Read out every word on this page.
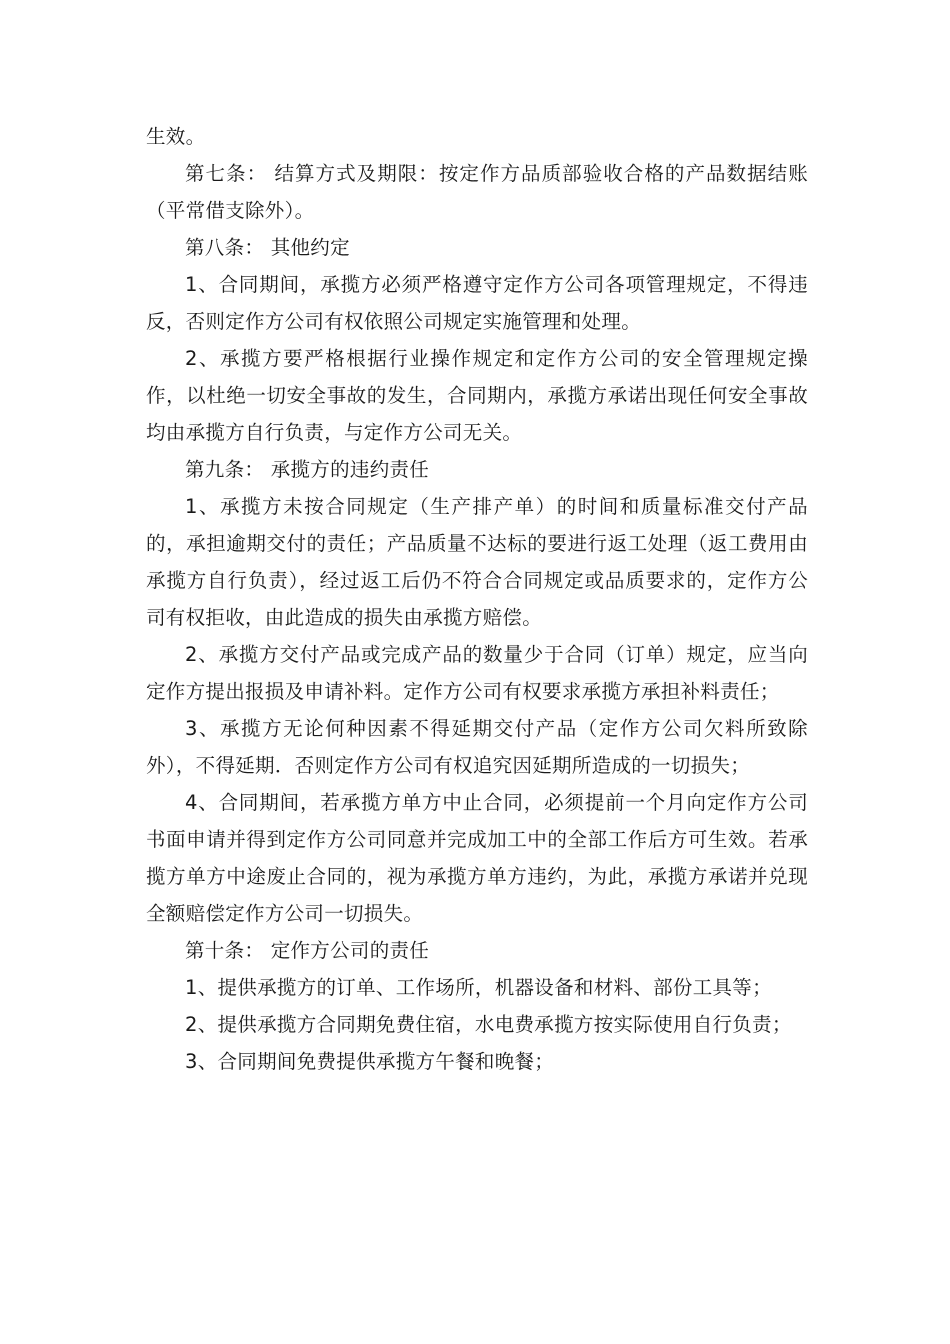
生效。

第七条： 结算方式及期限：按定作方品质部验收合格的产品数据结账（平常借支除外）。

第八条： 其他约定

1、合同期间，承揽方必须严格遵守定作方公司各项管理规定，不得违反，否则定作方公司有权依照公司规定实施管理和处理。

2、承揽方要严格根据行业操作规定和定作方公司的安全管理规定操作，以杜绝一切安全事故的发生，合同期内，承揽方承诺出现任何安全事故均由承揽方自行负责，与定作方公司无关。

第九条： 承揽方的违约责任

1、承揽方未按合同规定（生产排产单）的时间和质量标准交付产品的，承担逾期交付的责任；产品质量不达标的要进行返工处理（返工费用由承揽方自行负责），经过返工后仍不符合合同规定或品质要求的，定作方公司有权拒收，由此造成的损失由承揽方赔偿。

2、承揽方交付产品或完成产品的数量少于合同（订单）规定，应当向定作方提出报损及申请补料。定作方公司有权要求承揽方承担补料责任；

3、承揽方无论何种因素不得延期交付产品（定作方公司欠料所致除外），不得延期．否则定作方公司有权追究因延期所造成的一切损失；

4、合同期间，若承揽方单方中止合同，必须提前一个月向定作方公司书面申请并得到定作方公司同意并完成加工中的全部工作后方可生效。若承揽方单方中途废止合同的，视为承揽方单方违约，为此，承揽方承诺并兑现全额赔偿定作方公司一切损失。

第十条： 定作方公司的责任

1、提供承揽方的订单、工作场所，机器设备和材料、部份工具等；

2、提供承揽方合同期免费住宿，水电费承揽方按实际使用自行负责；

3、合同期间免费提供承揽方午餐和晚餐；
